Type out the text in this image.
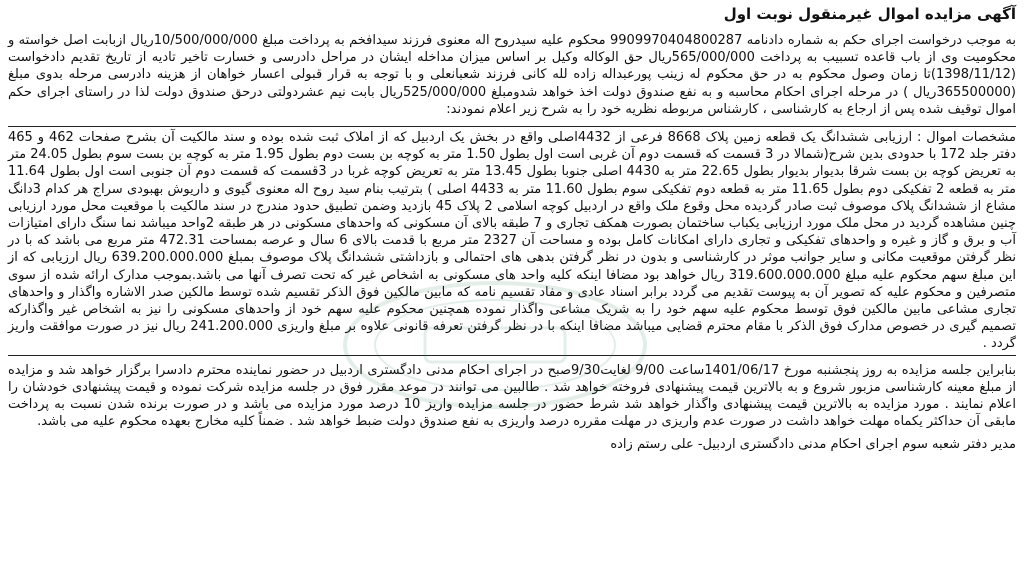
آگهی مزایده اموال غیرمنقول نوبت اول

به موجب درخواست اجرای حکم به شماره دادنامه 9909970404800287 محکوم علیه سیدروح اله معنوی فرزند سیدافخم به پرداخت مبلغ 10/500/000/000ریال ازبابت اصل خواسته و محکومیت وی از باب قاعده تسبیب به پرداخت 565/000/000ریال حق الوکاله وکیل بر اساس میزان مداخله ایشان در مراحل دادرسی و خسارت تاخیر تادیه از تاریخ تقدیم دادخواست (1398/11/12)تا زمان وصول محکوم به در حق محکوم له زینب پورعبداله زاده لله کانی فرزند شعبانعلی و با توجه به قرار قبولی اعسار خواهان از هزینه دادرسی مرحله بدوی مبلغ (365500000ریال ) در مرحله اجرای احکام محاسبه و به نفع صندوق دولت اخذ خواهد شدومبلغ 525/000/000ریال بابت نیم عشردولتی درحق صندوق دولت لذا در راستای اجرای حکم اموال توقیف شده پس از ارجاع به کارشناسی ، کارشناس مربوطه نظریه خود را به شرح زیر اعلام نمودند:

مشخصات اموال : ارزیابی ششدانگ یک قطعه زمین پلاک 8668 فرعی از 4432اصلی واقع در بخش یک اردبیل که از املاک ثبت شده بوده و سند مالکیت آن بشرح صفحات 462 و 465 دفتر جلد 172 با حدودی بدین شرح(شمالا در 3 قسمت که قسمت دوم آن غربی است اول بطول 1.50 متر به کوچه بن بست دوم بطول 1.95 متر به کوچه بن بست سوم بطول 24.05 متر به تعریض کوچه بن بست شرقا بدیوار بدیوار بطول 22.65 متر به 4430 اصلی جنوبا بطول 13.45 متر به تعریض کوچه غربا در 3قسمت که قسمت دوم آن جنوبی است اول بطول 11.64 متر به قطعه 2 تفکیکی دوم بطول 11.65 متر به قطعه دوم تفکیکی سوم بطول 11.60 متر به 4433 اصلی ) بترتیب بنام سید روح اله معنوی گیوی و داریوش بهبودی سراج هر کدام 3دانگ مشاع از ششدانگ پلاک موصوف ثبت صادر گردیده محل وقوع ملک واقع در اردبیل کوچه اسلامی 2 پلاک 45 بازدید وضمن تطبیق حدود مندرج در سند مالکیت با موقعیت محل مورد ارزیابی چنین مشاهده گردید در محل ملک مورد ارزیابی یکباب ساختمان بصورت همکف تجاری و 7 طبقه بالای آن مسکونی که واحدهای مسکونی در هر طبقه 2واحد میباشد نما سنگ دارای امتیازات آب و برق و گاز و غیره و واحدهای تفکیکی و تجاری دارای امکانات کامل بوده و مساحت آن 2327 متر مربع با قدمت بالای 6 سال و عرصه بمساحت 472.31 متر مربع می باشد که با در نظر گرفتن موقعیت مکانی و سایر جوانب موثر در کارشناسی و بدون در نظر گرفتن بدهی های احتمالی و بازداشتی ششدانگ پلاک موصوف بمبلغ 639.200.000.000 ریال ارزیابی که از این مبلغ سهم محکوم علیه مبلغ 319.600.000.000 ریال خواهد بود مضافا اینکه کلیه واحد های مسکونی به اشخاص غیر که تحت تصرف آنها می باشد.بموجب مدارک ارائه شده از سوی متصرفین و محکوم علیه که تصویر آن به پیوست تقدیم می گردد برابر اسناد عادی و مفاد تقسیم نامه که مابین مالکین فوق الذکر تقسیم شده توسط مالکین صدر الاشاره واگذار و واحدهای تجاری مشاعی مابین مالکین فوق توسط محکوم علیه سهم خود را به شریک مشاعی واگذار نموده همچنین محکوم علیه سهم خود از واحدهای مسکونی را نیز به اشخاص غیر واگذارکه تصمیم گیری در خصوص مدارک فوق الذکر با مقام محترم قضایی میباشد مضافا اینکه با در نظر گرفتن تعرفه قانونی علاوه بر مبلغ واریزی 241.200.000 ریال نیز در صورت موافقت واریز گردد .

بنابراین جلسه مزایده به روز پنجشنبه مورخ 1401/06/17ساعت 9/00 لغایت9/30صبح در اجرای احکام مدنی دادگستری اردبیل در حضور نماینده محترم دادسرا برگزار خواهد شد و مزایده از مبلغ معینه کارشناسی مزبور شروع و به بالاترین قیمت پیشنهادی فروخته خواهد شد . طالبین می توانند در موعد مقرر فوق در جلسه مزایده شرکت نموده و قیمت پیشنهادی خودشان را اعلام نمایند . مورد مزایده به بالاترین قیمت پیشنهادی واگذار خواهد شد شرط حضور در جلسه مزایده واریز 10 درصد مورد مزایده می باشد و در صورت برنده شدن نسبت به پرداخت مابقی آن حداکثر یکماه مهلت خواهد داشت در صورت عدم واریزی در مهلت مقرره درصد واریزی به نفع صندوق دولت ضبط خواهد شد . ضمناً کلیه مخارج بعهده محکوم علیه می باشد.

مدیر دفتر شعبه سوم اجرای احکام مدنی دادگستری اردبیل- علی رستم زاده
